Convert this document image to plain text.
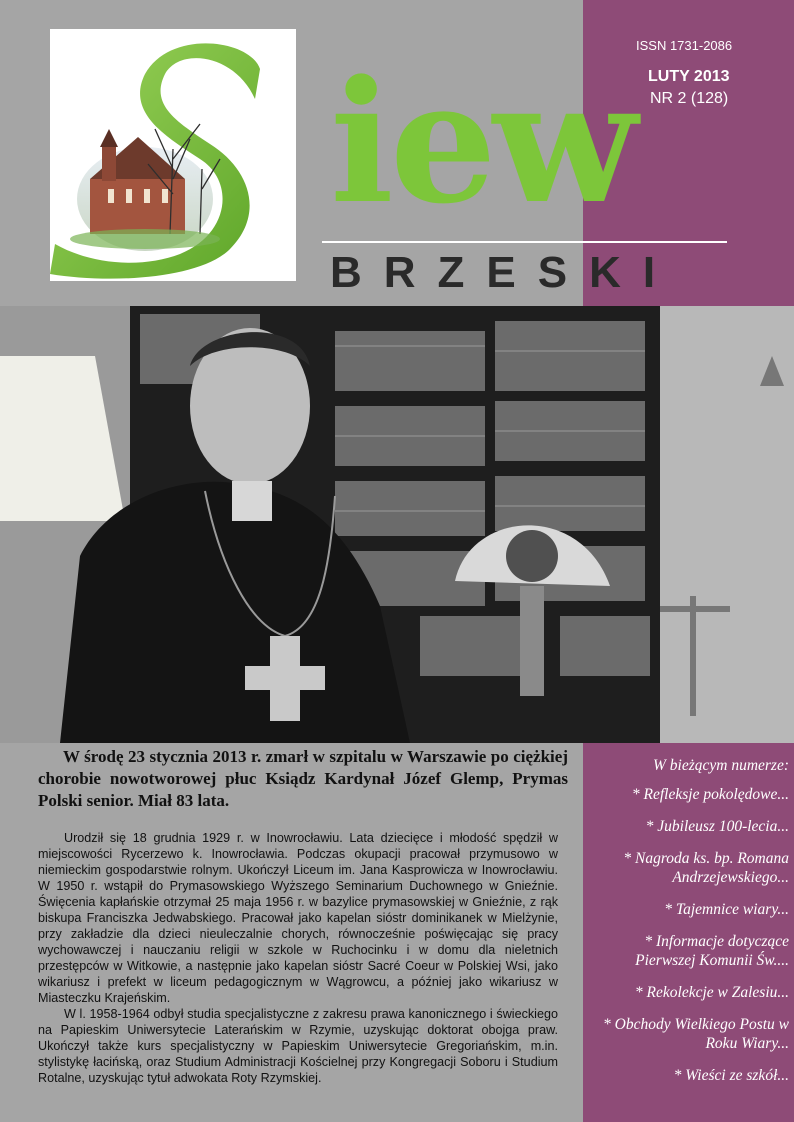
ISSN 1731-2086
LUTY 2013
NR 2 (128)
iew
BRZESKI
W środę 23 stycznia 2013 r. zmarł w szpitalu w Warszawie po ciężkiej chorobie nowotworowej płuc Ksiądz Kardynał Józef Glemp, Prymas Polski senior. Miał 83 lata.

Urodził się 18 grudnia 1929 r. w Inowrocławiu. Lata dziecięce i młodość spędził w miejscowości Rycerzewo k. Inowrocławia. Podczas okupacji pracował przymusowo w niemieckim gospodarstwie rolnym. Ukończył Liceum im. Jana Kasprowicza w Inowrocławiu. W 1950 r. wstąpił do Prymasowskiego Wyższego Seminarium Duchownego w Gnieźnie. Święcenia kapłańskie otrzymał 25 maja 1956 r. w bazylice prymasowskiej w Gnieźnie, z rąk biskupa Franciszka Jedwabskiego. Pracował jako kapelan sióstr dominikanek w Mielżynie, przy zakładzie dla dzieci nieuleczalnie chorych, równocześnie poświęcając się pracy wychowawczej i nauczaniu religii w szkole w Ruchocinku i w domu dla nieletnich przestępców w Witkowie, a następnie jako kapelan sióstr Sacré Coeur w Polskiej Wsi, jako wikariusz i prefekt w liceum pedagogicznym w Wągrowcu, a później jako wikariusz w Miasteczku Krajeńskim.

W l. 1958-1964 odbył studia specjalistyczne z zakresu prawa kanonicznego i świeckiego na Papieskim Uniwersytecie Laterańskim w Rzymie, uzyskując doktorat obojga praw. Ukończył także kurs specjalistyczny w Papieskim Uniwersytecie Gregoriańskim, m.in. stylistykę łacińską, oraz Studium Administracji Kościelnej przy Kongregacji Soboru i Studium Rotalne, uzyskując tytuł adwokata Roty Rzymskiej.

W bieżącym numerze:
* Refleksje pokolędowe...
* Jubileusz 100-lecia...
* Nagroda ks. bp. Romana Andrzejewskiego...
* Tajemnice wiary...
* Informacje dotyczące Pierwszej Komunii Św....
* Rekolekcje w Zalesiu...
* Obchody Wielkiego Postu w Roku Wiary...
* Wieści ze szkół...
